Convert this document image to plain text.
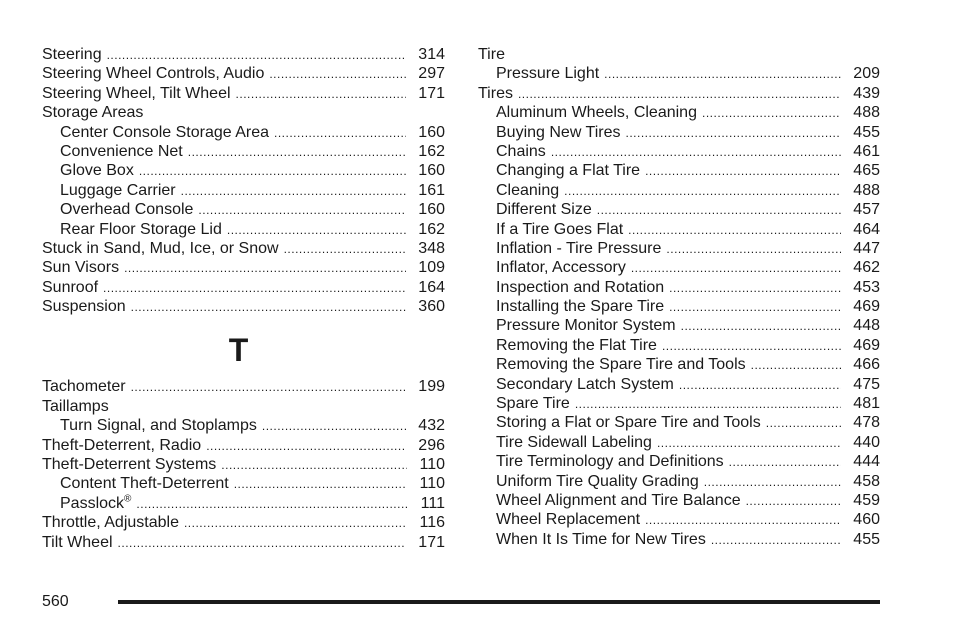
Steering .....	314
Steering Wheel Controls, Audio .....	297
Steering Wheel, Tilt Wheel .....	171
Storage Areas
Center Console Storage Area .....	160
Convenience Net .....	162
Glove Box .....	160
Luggage Carrier .....	161
Overhead Console .....	160
Rear Floor Storage Lid .....	162
Stuck in Sand, Mud, Ice, or Snow .....	348
Sun Visors .....	109
Sunroof .....	164
Suspension .....	360
T
Tachometer .....	199
Taillamps
Turn Signal, and Stoplamps .....	432
Theft-Deterrent, Radio .....	296
Theft-Deterrent Systems .....	110
Content Theft-Deterrent .....	110
Passlock® .....	111
Throttle, Adjustable .....	116
Tilt Wheel .....	171
Tire
Pressure Light .....	209
Tires .....	439
Aluminum Wheels, Cleaning .....	488
Buying New Tires .....	455
Chains .....	461
Changing a Flat Tire .....	465
Cleaning .....	488
Different Size .....	457
If a Tire Goes Flat .....	464
Inflation - Tire Pressure .....	447
Inflator, Accessory .....	462
Inspection and Rotation .....	453
Installing the Spare Tire .....	469
Pressure Monitor System .....	448
Removing the Flat Tire .....	469
Removing the Spare Tire and Tools .....	466
Secondary Latch System .....	475
Spare Tire .....	481
Storing a Flat or Spare Tire and Tools .....	478
Tire Sidewall Labeling .....	440
Tire Terminology and Definitions .....	444
Uniform Tire Quality Grading .....	458
Wheel Alignment and Tire Balance .....	459
Wheel Replacement .....	460
When It Is Time for New Tires .....	455
560
